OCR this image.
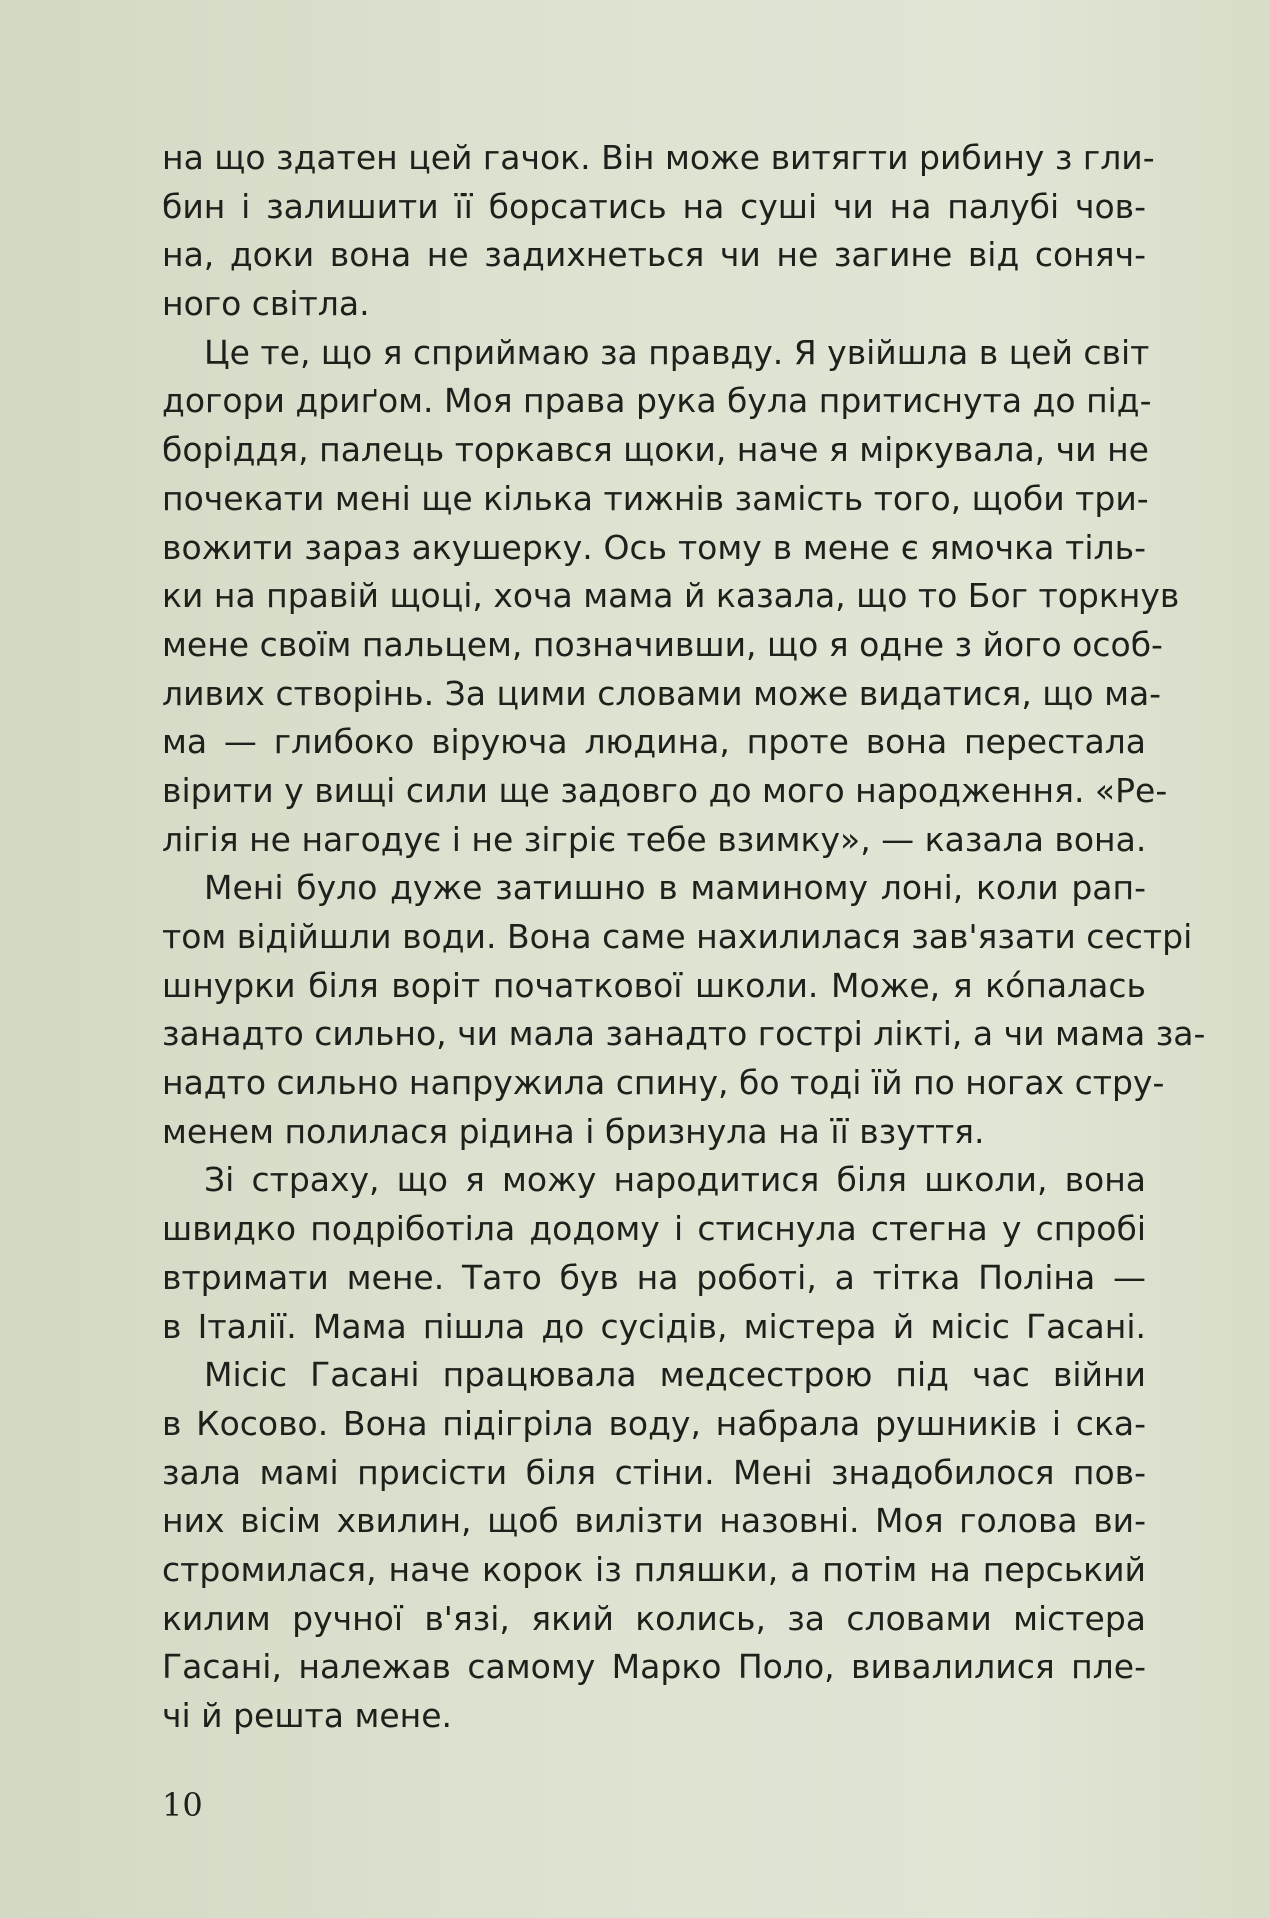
на що здатен цей гачок. Він може витягти рибину з гли-
бин і залишити її борсатись на суші чи на палубі чов-
на, доки вона не задихнеться чи не загине від соняч-
ного світла.
Це те, що я сприймаю за правду. Я увійшла в цей світ
догори дриґом. Моя права рука була притиснута до під-
боріддя, палець торкався щоки, наче я міркувала, чи не
почекати мені ще кілька тижнів замість того, щоби три-
вожити зараз акушерку. Ось тому в мене є ямочка тіль-
ки на правій щоці, хоча мама й казала, що то Бог торкнув
мене своїм пальцем, позначивши, що я одне з його особ-
ливих створінь. За цими словами може видатися, що ма-
ма — глибоко віруюча людина, проте вона перестала
вірити у вищі сили ще задовго до мого народження. «Ре-
лігія не нагодує і не зігріє тебе взимку», — казала вона.
Мені було дуже затишно в маминому лоні, коли рап-
том відійшли води. Вона саме нахилилася зав'язати сестрі
шнурки біля воріт початкової школи. Може, я кóпалась
занадто сильно, чи мала занадто гострі лікті, а чи мама за-
надто сильно напружила спину, бо тоді їй по ногах стру-
менем полилася рідина і бризнула на її взуття.
Зі страху, що я можу народитися біля школи, вона
швидко подріботіла додому і стиснула стегна у спробі
втримати мене. Тато був на роботі, а тітка Поліна —
в Італії. Мама пішла до сусідів, містера й місіс Гасані.
Місіс Гасані працювала медсестрою під час війни
в Косово. Вона підігріла воду, набрала рушників і ска-
зала мамі присісти біля стіни. Мені знадобилося пов-
них вісім хвилин, щоб вилізти назовні. Моя голова ви-
стромилася, наче корок із пляшки, а потім на перський
килим ручної в'язі, який колись, за словами містера
Гасані, належав самому Марко Поло, вивалилися пле-
чі й решта мене.
10
